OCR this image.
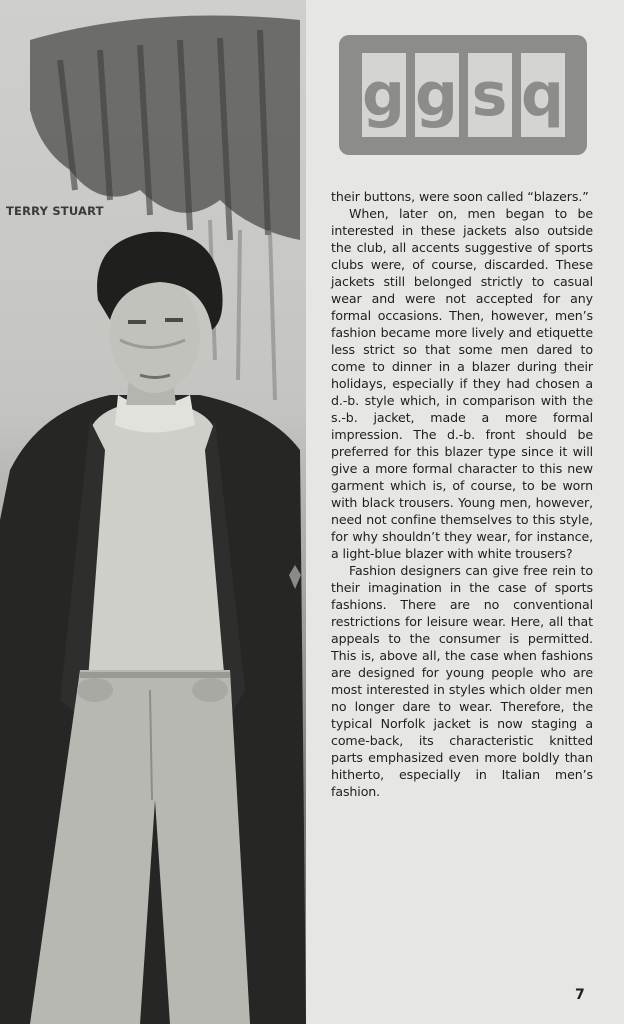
TERRY STUART
g g s q

their buttons, were soon called “blazers.”

When, later on, men began to be interested in these jackets also outside the club, all accents suggestive of sports clubs were, of course, discarded. These jackets still belonged strictly to casual wear and were not accepted for any formal occasions. Then, however, men’s fashion became more lively and etiquette less strict so that some men dared to come to dinner in a blazer during their holidays, especially if they had chosen a d.-b. style which, in comparison with the s.-b. jacket, made a more formal impression. The d.-b. front should be preferred for this blazer type since it will give a more formal character to this new garment which is, of course, to be worn with black trousers. Young men, however, need not confine themselves to this style, for why shouldn’t they wear, for instance, a light-blue blazer with white trousers?

Fashion designers can give free rein to their imagination in the case of sports fashions. There are no conventional restrictions for leisure wear. Here, all that appeals to the consumer is permitted. This is, above all, the case when fashions are designed for young people who are most interested in styles which older men no longer dare to wear. Therefore, the typical Norfolk jacket is now staging a come-back, its characteristic knitted parts emphasized even more boldly than hitherto, especially in Italian men’s fashion.

7
